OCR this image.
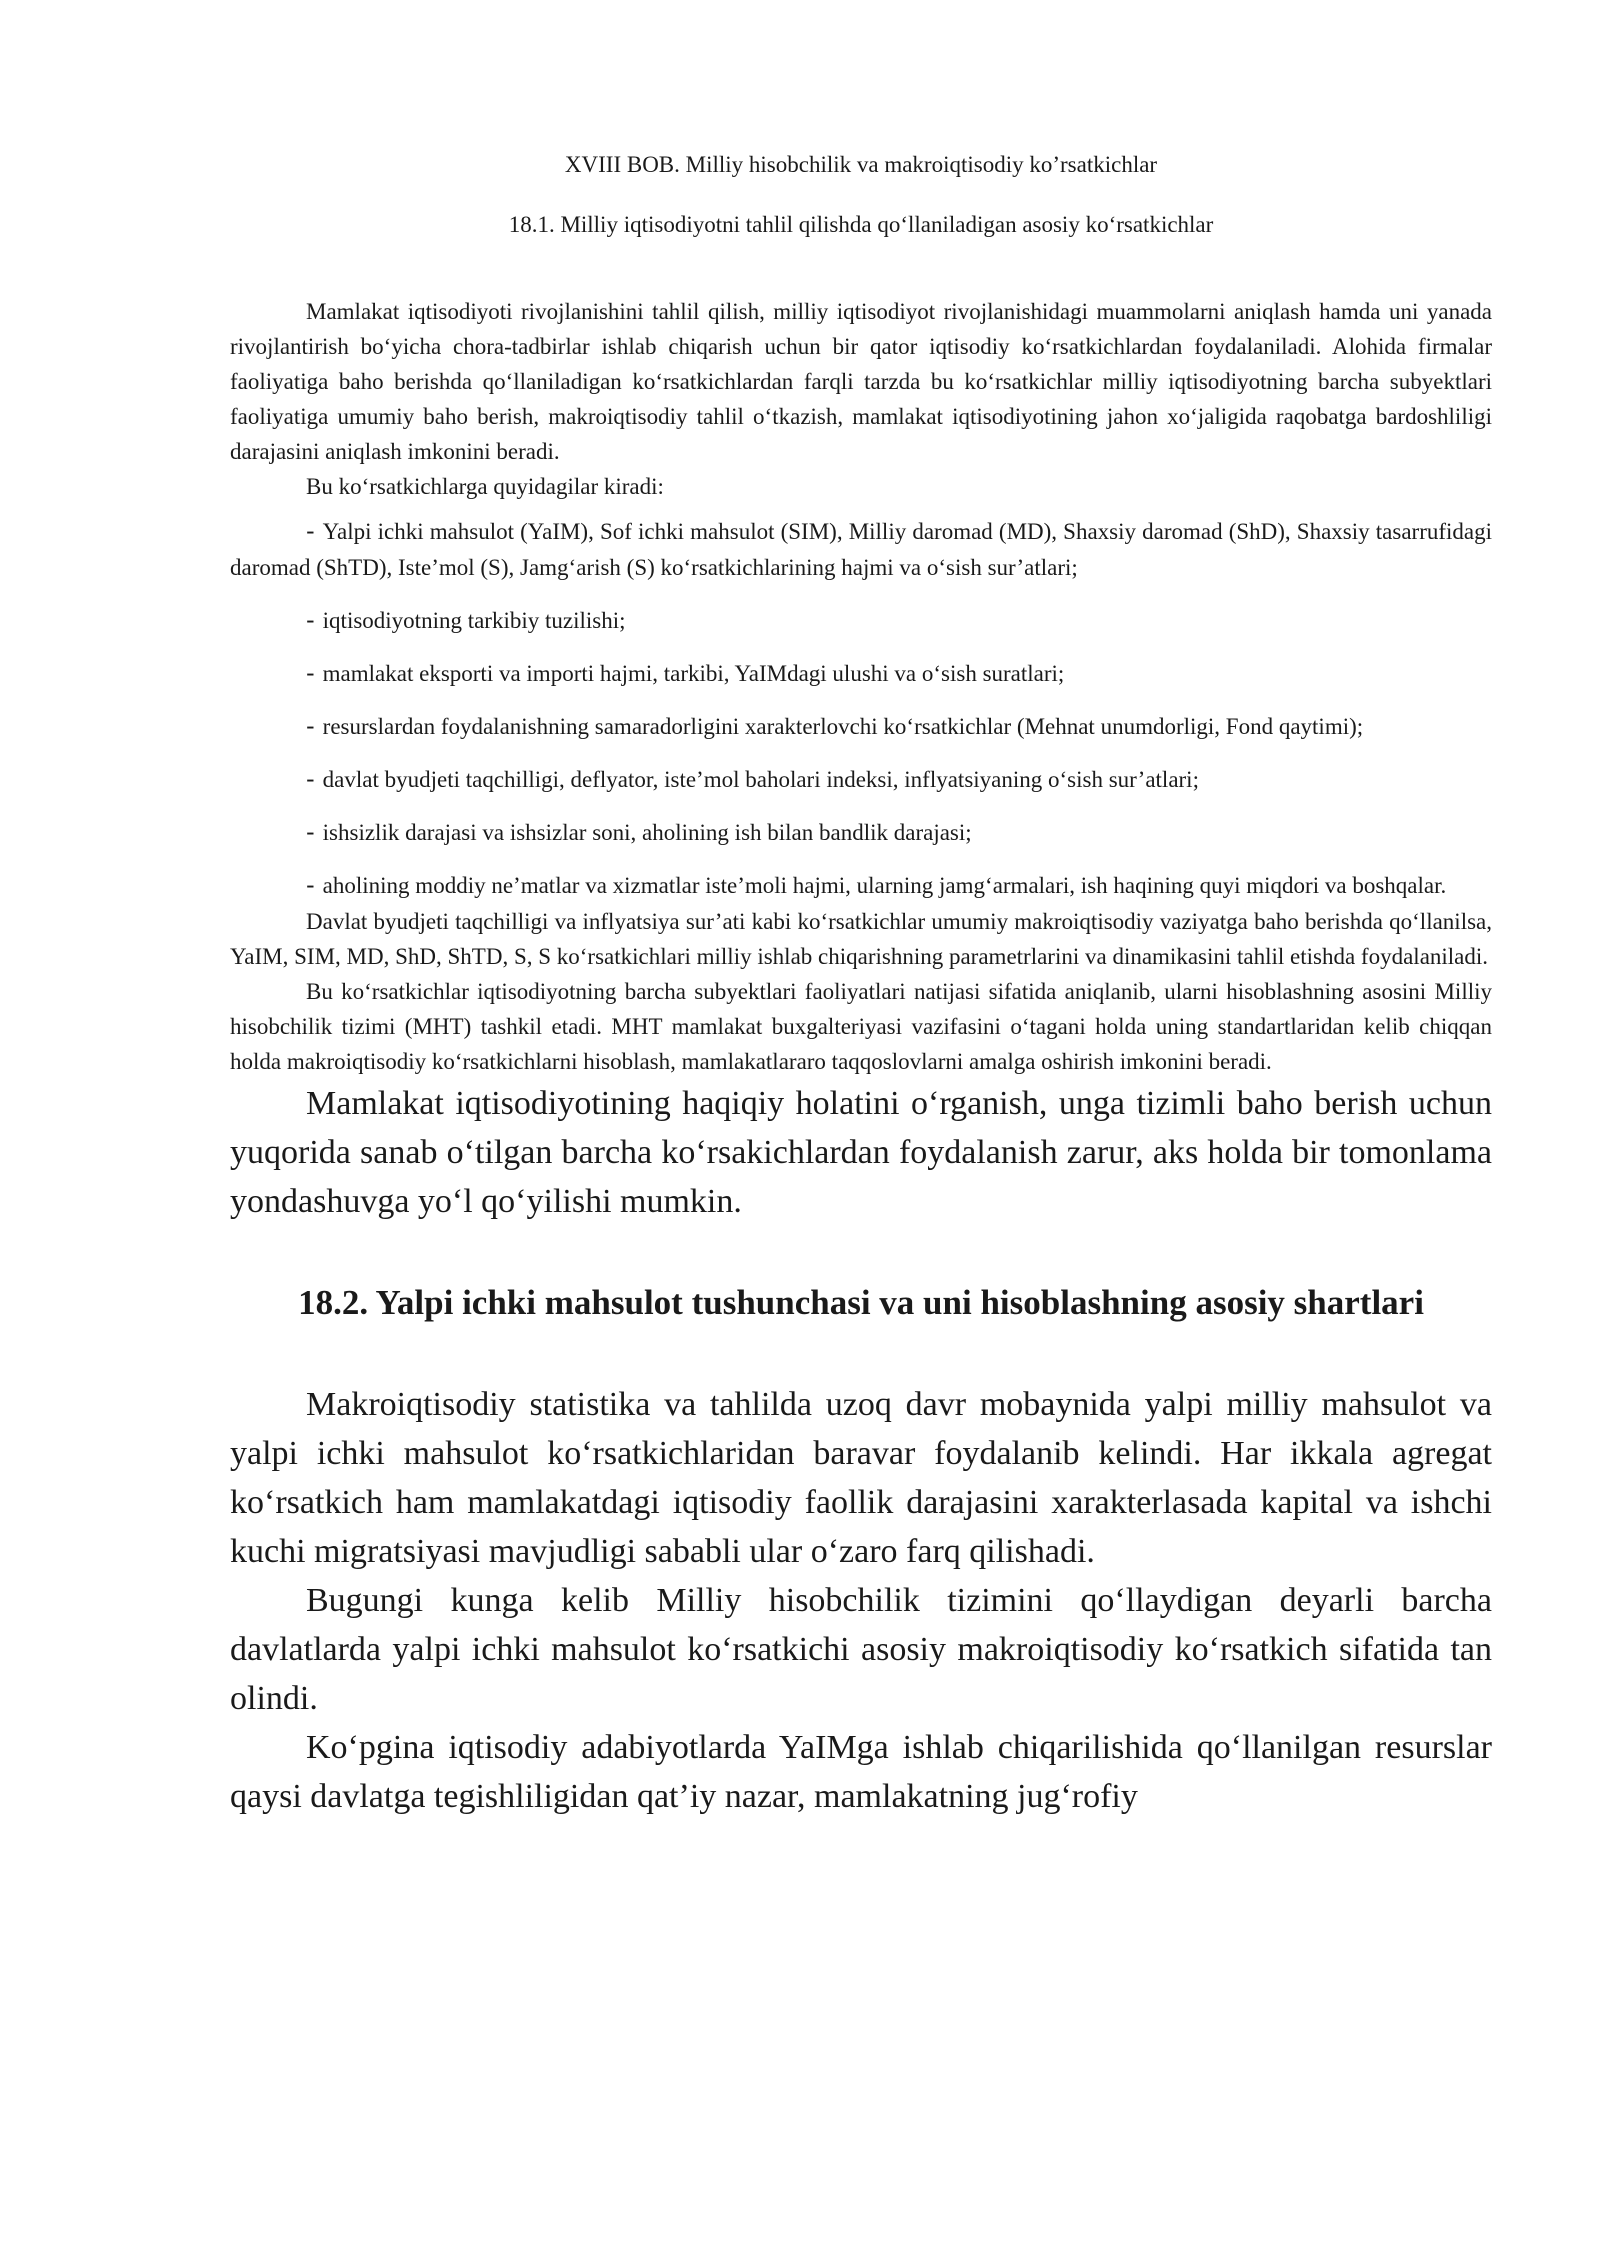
XVIII BOB. Milliy hisobchilik va makroiqtisodiy ko’rsatkichlar

18.1. Milliy iqtisodiyotni tahlil qilishda qo‘llaniladigan asosiy ko‘rsatkichlar

Mamlakat iqtisodiyoti rivojlanishini tahlil qilish, milliy iqtisodiyot rivojlanishidagi muammolarni aniqlash hamda uni yanada rivojlantirish bo‘yicha chora-tadbirlar ishlab chiqarish uchun bir qator iqtisodiy ko‘rsatkichlardan foydalaniladi. Alohida firmalar faoliyatiga baho berishda qo‘llaniladigan ko‘rsatkichlardan farqli tarzda bu ko‘rsatkichlar milliy iqtisodiyotning barcha subyektlari faoliyatiga umumiy baho berish, makroiqtisodiy tahlil o‘tkazish, mamlakat iqtisodiyotining jahon xo‘jaligida raqobatga bardoshliligi darajasini aniqlash imkonini beradi.

Bu ko‘rsatkichlarga quyidagilar kiradi:

- Yalpi ichki mahsulot (YaIM), Sof ichki mahsulot (SIM), Milliy daromad (MD), Shaxsiy daromad (ShD), Shaxsiy tasarrufidagi daromad (ShTD), Iste’mol (S), Jamg‘arish (S) ko‘rsatkichlarining hajmi va o‘sish sur’atlari;

- iqtisodiyotning tarkibiy tuzilishi;

- mamlakat eksporti va importi hajmi, tarkibi, YaIMdagi ulushi va o‘sish suratlari;

- resurslardan foydalanishning samaradorligini xarakterlovchi ko‘rsatkichlar (Mehnat unumdorligi, Fond qaytimi);

- davlat byudjeti taqchilligi, deflyator, iste’mol baholari indeksi, inflyatsiyaning o‘sish sur’atlari;

- ishsizlik darajasi va ishsizlar soni, aholining ish bilan bandlik darajasi;

- aholining moddiy ne’matlar va xizmatlar iste’moli hajmi, ularning jamg‘armalari, ish haqining quyi miqdori va boshqalar.

Davlat byudjeti taqchilligi va inflyatsiya sur’ati kabi ko‘rsatkichlar umumiy makroiqtisodiy vaziyatga baho berishda qo‘llanilsa, YaIM, SIM, MD, ShD, ShTD, S, S ko‘rsatkichlari milliy ishlab chiqarishning parametrlarini va dinamikasini tahlil etishda foydalaniladi.

Bu ko‘rsatkichlar iqtisodiyotning barcha subyektlari faoliyatlari natijasi sifatida aniqlanib, ularni hisoblashning asosini Milliy hisobchilik tizimi (MHT) tashkil etadi. MHT mamlakat buxgalteriyasi vazifasini o‘tagani holda uning standartlaridan kelib chiqqan holda makroiqtisodiy ko‘rsatkichlarni hisoblash, mamlakatlararo taqqoslovlarni amalga oshirish imkonini beradi.

Mamlakat iqtisodiyotining haqiqiy holatini o‘rganish, unga tizimli baho berish uchun yuqorida sanab o‘tilgan barcha ko‘rsakichlardan foydalanish zarur, aks holda bir tomonlama yondashuvga yo‘l qo‘yilishi mumkin.

18.2. Yalpi ichki mahsulot tushunchasi va uni hisoblashning asosiy shartlari

Makroiqtisodiy statistika va tahlilda uzoq davr mobaynida yalpi milliy mahsulot va yalpi ichki mahsulot ko‘rsatkichlaridan baravar foydalanib kelindi. Har ikkala agregat ko‘rsatkich ham mamlakatdagi iqtisodiy faollik darajasini xarakterlasada kapital va ishchi kuchi migratsiyasi mavjudligi sababli ular o‘zaro farq qilishadi.

Bugungi kunga kelib Milliy hisobchilik tizimini qo‘llaydigan deyarli barcha davlatlarda yalpi ichki mahsulot ko‘rsatkichi asosiy makroiqtisodiy ko‘rsatkich sifatida tan olindi.

Ko‘pgina iqtisodiy adabiyotlarda YaIMga ishlab chiqarilishida qo‘llanilgan resurslar qaysi davlatga tegishliligidan qat’iy nazar, mamlakatning jug‘rofiy
